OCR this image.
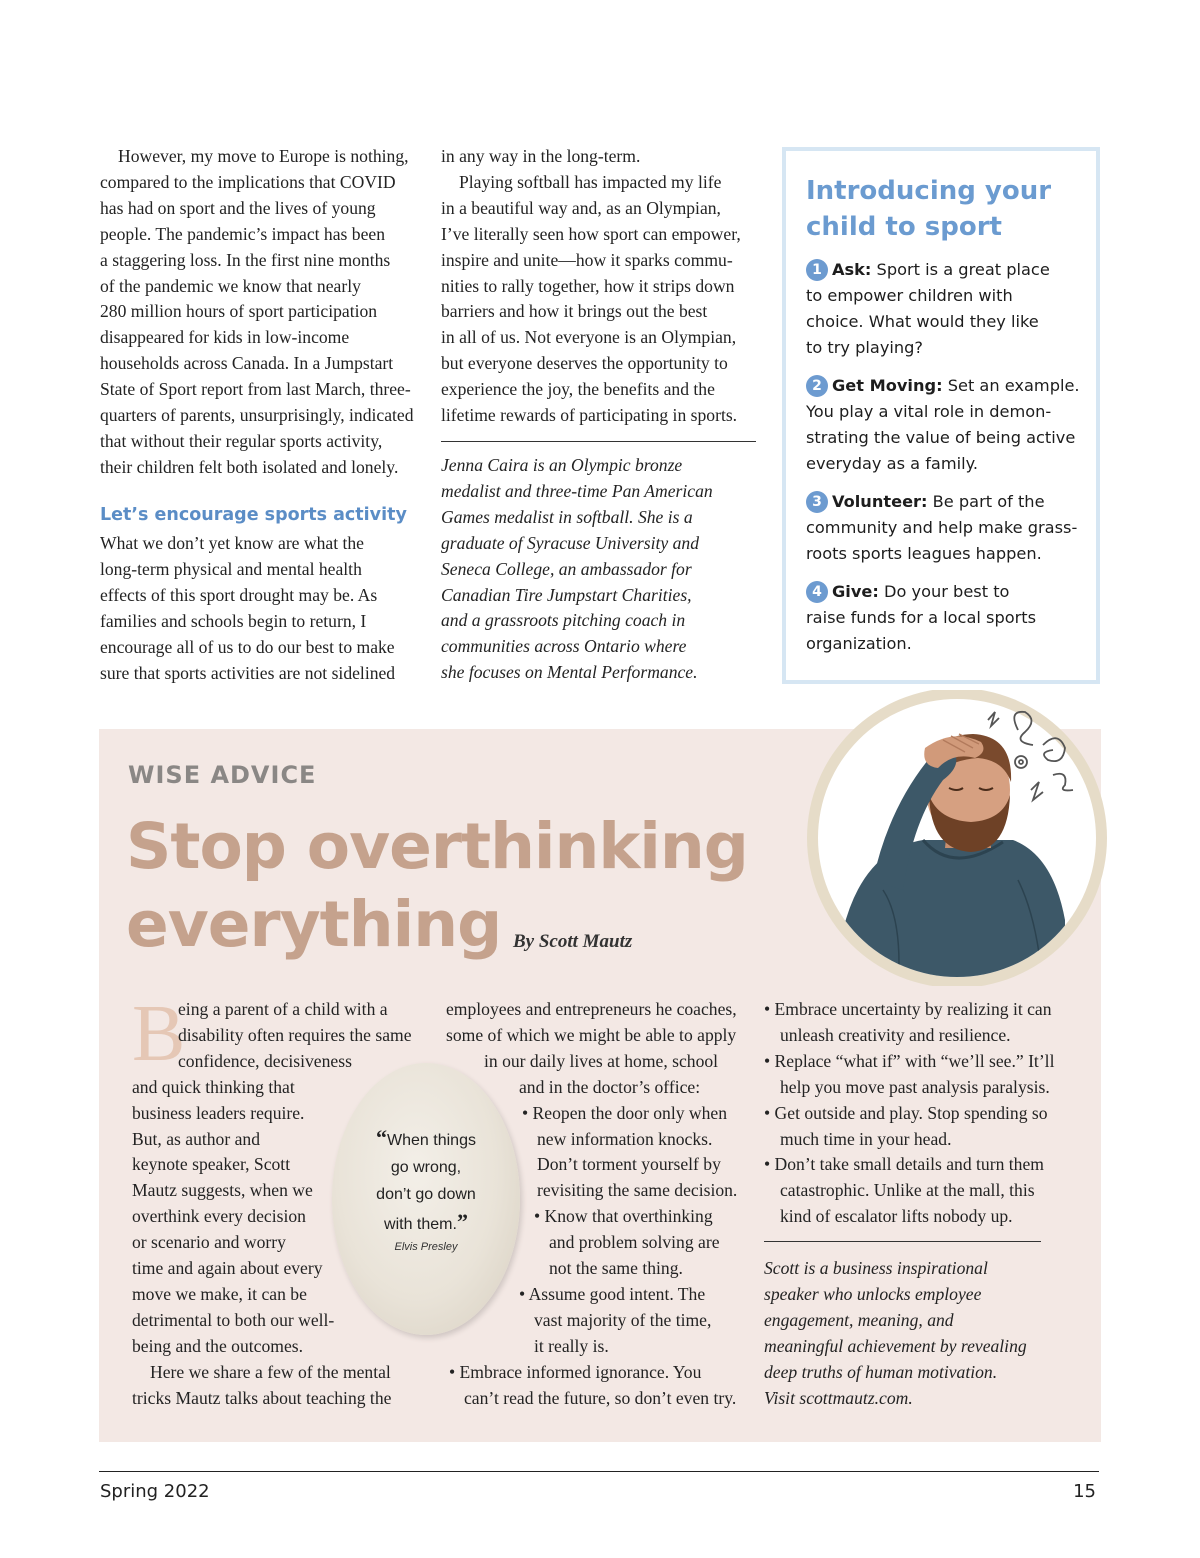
However, my move to Europe is nothing,
compared to the implications that COVID
has had on sport and the lives of young
people. The pandemic’s impact has been
a staggering loss. In the first nine months
of the pandemic we know that nearly
280 million hours of sport participation
disappeared for kids in low-income
households across Canada. In a Jumpstart
State of Sport report from last March, three-
quarters of parents, unsurprisingly, indicated
that without their regular sports activity,
their children felt both isolated and lonely.
Let’s encourage sports activity
What we don’t yet know are what the
long-term physical and mental health
effects of this sport drought may be. As
families and schools begin to return, I
encourage all of us to do our best to make
sure that sports activities are not sidelined
in any way in the long-term.
Playing softball has impacted my life
in a beautiful way and, as an Olympian,
I’ve literally seen how sport can empower,
inspire and unite—how it sparks commu-
nities to rally together, how it strips down
barriers and how it brings out the best
in all of us. Not everyone is an Olympian,
but everyone deserves the opportunity to
experience the joy, the benefits and the
lifetime rewards of participating in sports.
Jenna Caira is an Olympic bronze
medalist and three-time Pan American
Games medalist in softball. She is a
graduate of Syracuse University and
Seneca College, an ambassador for
Canadian Tire Jumpstart Charities,
and a grassroots pitching coach in
communities across Ontario where
she focuses on Mental Performance.
Introducing your
child to sport
1 Ask: Sport is a great place
to empower children with
choice. What would they like
to try playing?
2 Get Moving: Set an example.
You play a vital role in demon-
strating the value of being active
everyday as a family.
3 Volunteer: Be part of the
community and help make grass-
roots sports leagues happen.
4 Give: Do your best to
raise funds for a local sports
organization.
WISE ADVICE
Stop overthinking
everything By Scott Mautz
B
eing a parent of a child with a
disability often requires the same
confidence, decisiveness
and quick thinking that
business leaders require.
But, as author and
keynote speaker, Scott
Mautz suggests, when we
overthink every decision
or scenario and worry
time and again about every
move we make, it can be
detrimental to both our well-
being and the outcomes.
Here we share a few of the mental
tricks Mautz talks about teaching the
“When things
go wrong,
don’t go down
with them.”
Elvis Presley
employees and entrepreneurs he coaches,
some of which we might be able to apply
in our daily lives at home, school
and in the doctor’s office:
• Reopen the door only when
new information knocks.
Don’t torment yourself by
revisiting the same decision.
• Know that overthinking
and problem solving are
not the same thing.
• Assume good intent. The
vast majority of the time,
it really is.
• Embrace informed ignorance. You
can’t read the future, so don’t even try.
• Embrace uncertainty by realizing it can
unleash creativity and resilience.
• Replace “what if” with “we’ll see.” It’ll
help you move past analysis paralysis.
• Get outside and play. Stop spending so
much time in your head.
• Don’t take small details and turn them
catastrophic. Unlike at the mall, this
kind of escalator lifts nobody up.
Scott is a business inspirational
speaker who unlocks employee
engagement, meaning, and
meaningful achievement by revealing
deep truths of human motivation.
Visit scottmautz.com.
Spring 2022	15
